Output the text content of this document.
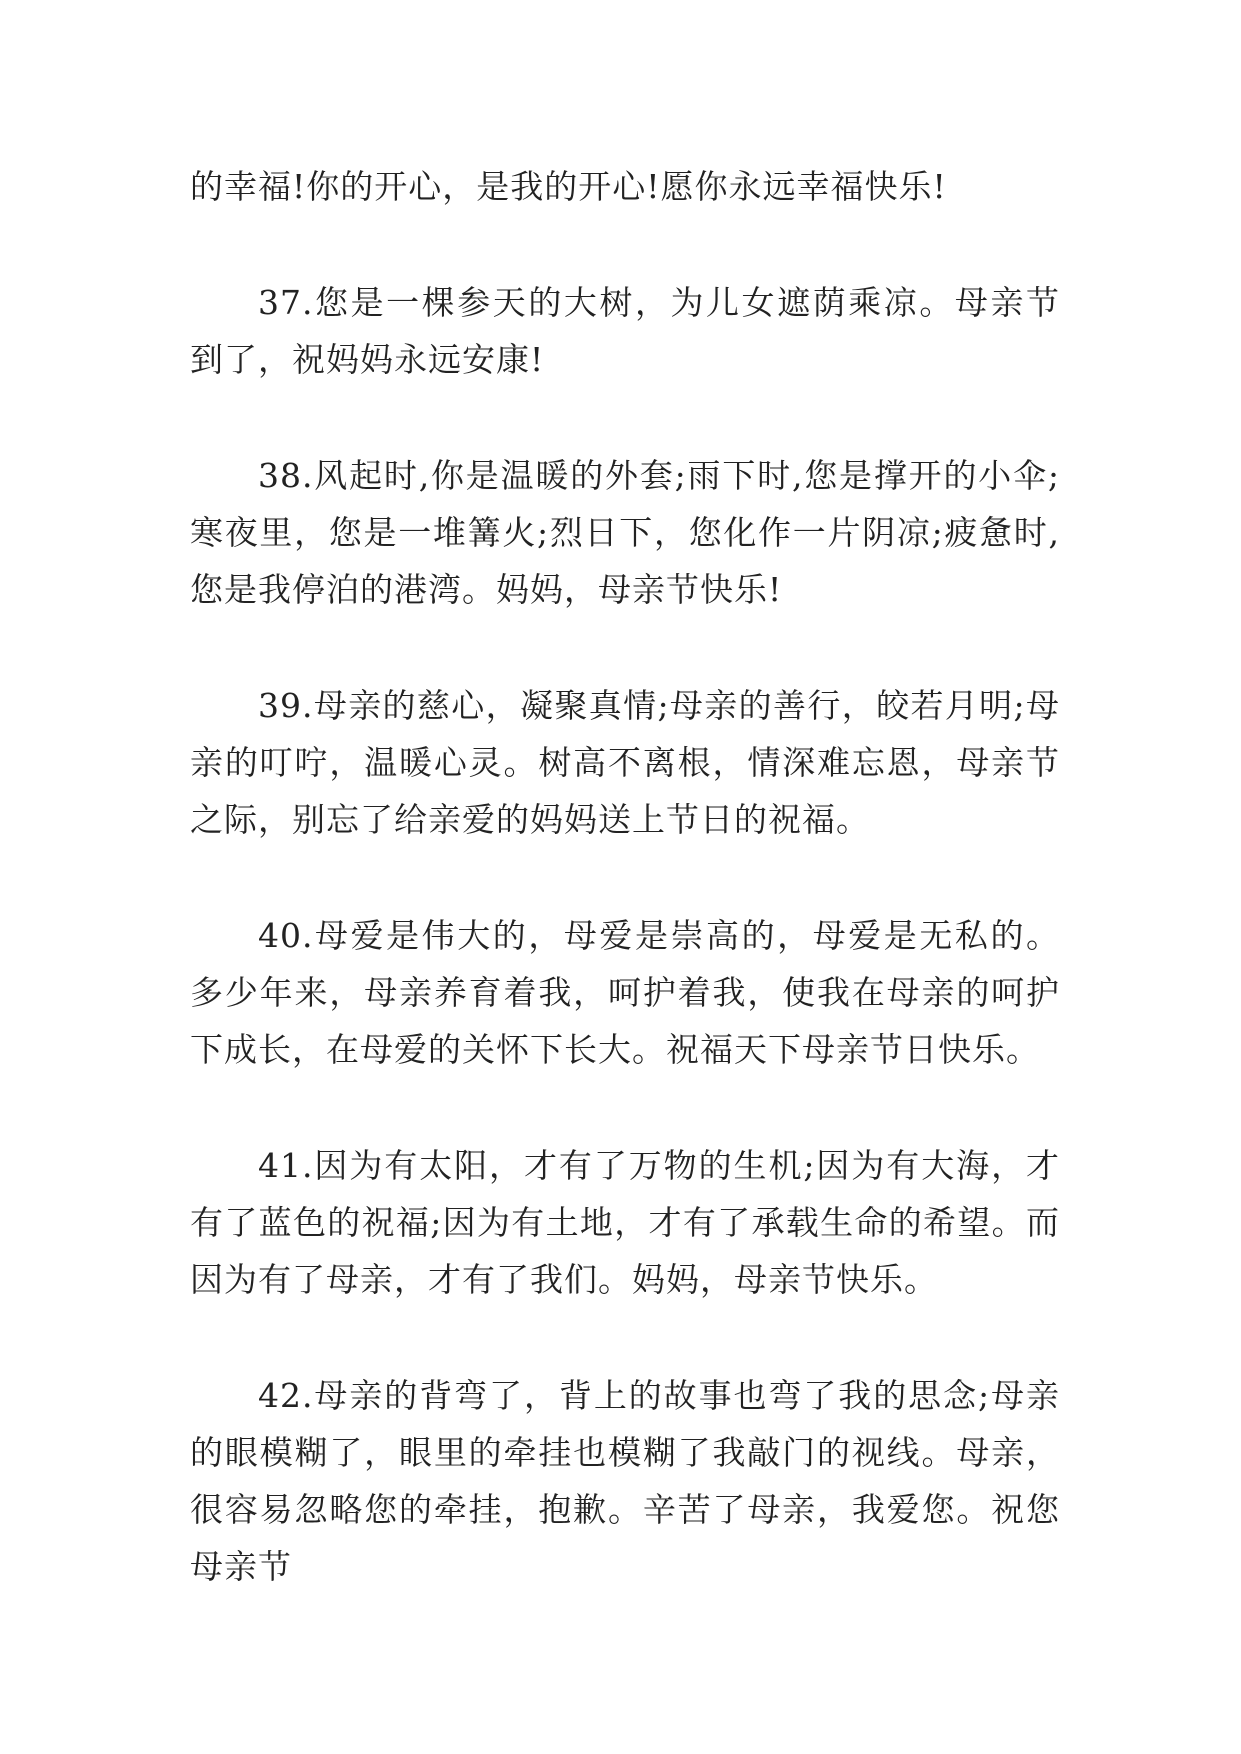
的幸福!你的开心，是我的开心!愿你永远幸福快乐!

37.您是一棵参天的大树，为儿女遮荫乘凉。母亲节到了，祝妈妈永远安康!

38.风起时,你是温暖的外套;雨下时,您是撑开的小伞;寒夜里，您是一堆篝火;烈日下，您化作一片阴凉;疲惫时,您是我停泊的港湾。妈妈，母亲节快乐!

39.母亲的慈心，凝聚真情;母亲的善行，皎若月明;母亲的叮咛，温暖心灵。树高不离根，情深难忘恩，母亲节之际，别忘了给亲爱的妈妈送上节日的祝福。

40.母爱是伟大的，母爱是崇高的，母爱是无私的。多少年来，母亲养育着我，呵护着我，使我在母亲的呵护下成长，在母爱的关怀下长大。祝福天下母亲节日快乐。

41.因为有太阳，才有了万物的生机;因为有大海，才有了蓝色的祝福;因为有土地，才有了承载生命的希望。而因为有了母亲，才有了我们。妈妈，母亲节快乐。

42.母亲的背弯了，背上的故事也弯了我的思念;母亲的眼模糊了，眼里的牵挂也模糊了我敲门的视线。母亲，很容易忽略您的牵挂，抱歉。辛苦了母亲，我爱您。祝您母亲节
